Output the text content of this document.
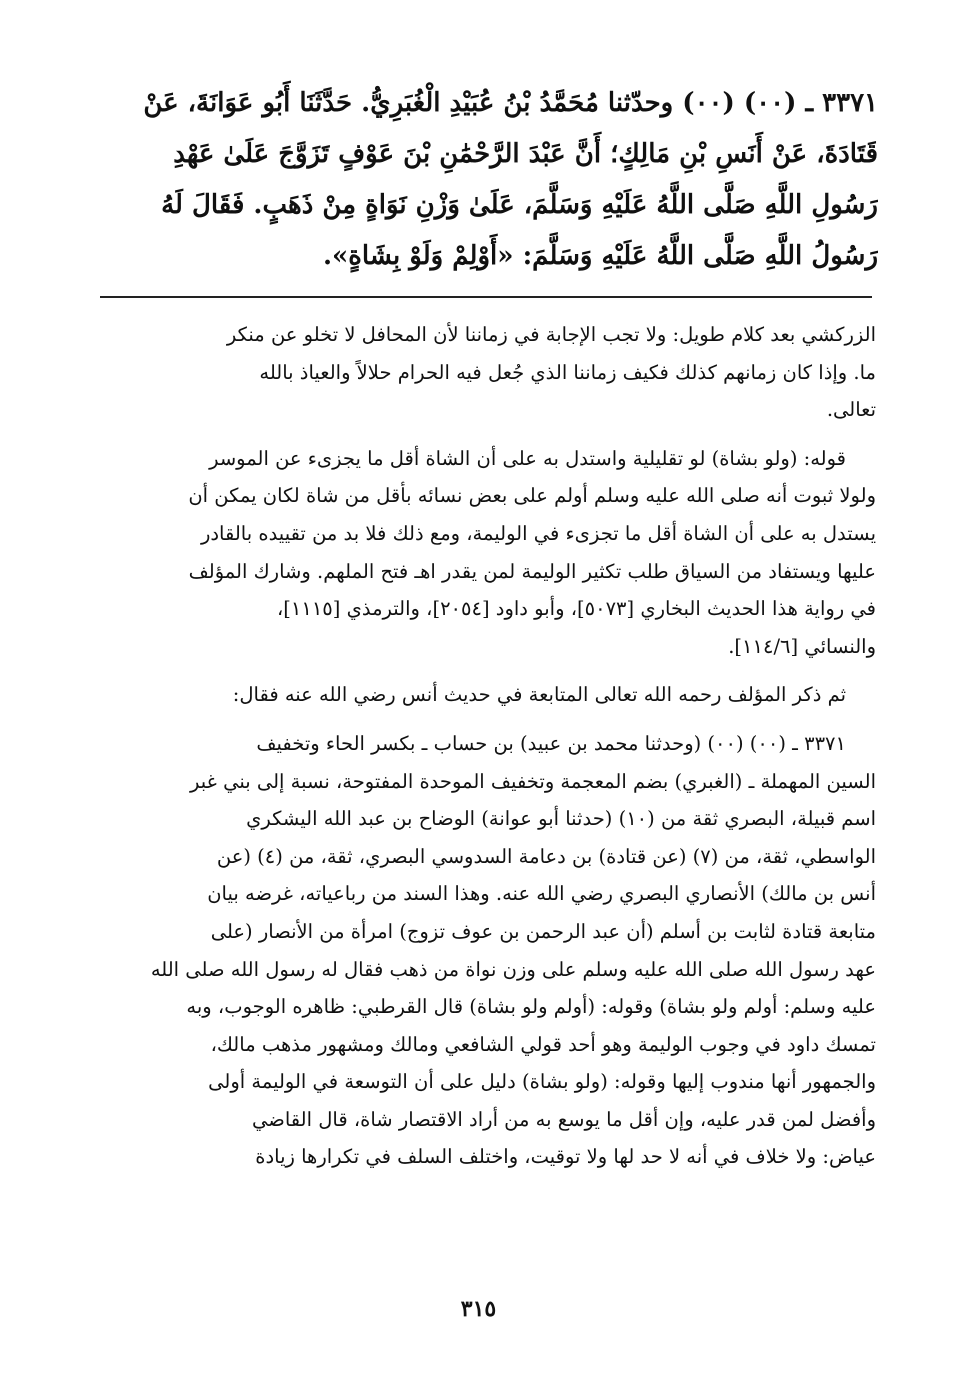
٣٣٧١ ـ (٠٠) (٠٠) وحدّثنا مُحَمَّدُ بْنُ عُبَيْدِ الْغُبَرِيُّ. حَدَّثَنَا أَبُو عَوَانَةَ، عَنْ
قَتَادَةَ، عَنْ أَنَسِ بْنِ مَالِكٍ؛ أَنَّ عَبْدَ الرَّحْمَٰنِ بْنَ عَوْفٍ تَزَوَّجَ عَلَىٰ عَهْدِ
رَسُولِ اللَّهِ صَلَّى اللَّهُ عَلَيْهِ وَسَلَّمَ، عَلَىٰ وَزْنِ نَوَاةٍ مِنْ ذَهَبٍ. فَقَالَ لَهُ
رَسُولُ اللَّهِ صَلَّى اللَّهُ عَلَيْهِ وَسَلَّمَ: «أَوْلِمْ وَلَوْ بِشَاةٍ».
الزركشي بعد كلام طويل: ولا تجب الإجابة في زماننا لأن المحافل لا تخلو عن منكر
ما. وإذا كان زمانهم كذلك فكيف زماننا الذي جُعل فيه الحرام حلالاً والعياذ بالله
تعالى.
قوله: (ولو بشاة) لو تقليلية واستدل به على أن الشاة أقل ما يجزىء عن الموسر
ولولا ثبوت أنه صلى الله عليه وسلم أولم على بعض نسائه بأقل من شاة لكان يمكن أن
يستدل به على أن الشاة أقل ما تجزىء في الوليمة، ومع ذلك فلا بد من تقييده بالقادر
عليها ويستفاد من السياق طلب تكثير الوليمة لمن يقدر اهـ فتح الملهم. وشارك المؤلف
في رواية هذا الحديث البخاري [٥٠٧٣]، وأبو داود [٢٠٥٤]، والترمذي [١١١٥]،
والنسائي [١١٤/٦].
ثم ذكر المؤلف رحمه الله تعالى المتابعة في حديث أنس رضي الله عنه فقال:
٣٣٧١ ـ (٠٠) (٠٠) (وحدثنا محمد بن عبيد) بن حساب ـ بكسر الحاء وتخفيف
السين المهملة ـ (الغبري) بضم المعجمة وتخفيف الموحدة المفتوحة، نسبة إلى بني غبر
اسم قبيلة، البصري ثقة من (١٠) (حدثنا أبو عوانة) الوضاح بن عبد الله اليشكري
الواسطي، ثقة، من (٧) (عن قتادة) بن دعامة السدوسي البصري، ثقة، من (٤) (عن
أنس بن مالك) الأنصاري البصري رضي الله عنه. وهذا السند من رباعياته، غرضه بيان
متابعة قتادة لثابت بن أسلم (أن عبد الرحمن بن عوف تزوج) امرأة من الأنصار (على
عهد رسول الله صلى الله عليه وسلم على وزن نواة من ذهب فقال له رسول الله صلى الله
عليه وسلم: أولم ولو بشاة) وقوله: (أولم ولو بشاة) قال القرطبي: ظاهره الوجوب، وبه
تمسك داود في وجوب الوليمة وهو أحد قولي الشافعي ومالك ومشهور مذهب مالك،
والجمهور أنها مندوب إليها وقوله: (ولو بشاة) دليل على أن التوسعة في الوليمة أولى
وأفضل لمن قدر عليه، وإن أقل ما يوسع به من أراد الاقتصار شاة، قال القاضي
عياض: ولا خلاف في أنه لا حد لها ولا توقيت، واختلف السلف في تكرارها زيادة
٣١٥
